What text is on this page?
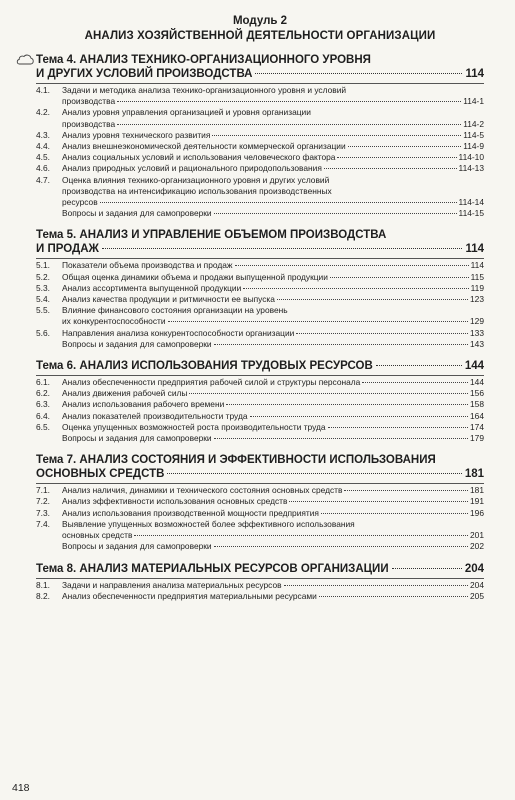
Модуль 2
АНАЛИЗ ХОЗЯЙСТВЕННОЙ ДЕЯТЕЛЬНОСТИ ОРГАНИЗАЦИИ
Тема 4. АНАЛИЗ ТЕХНИКО-ОРГАНИЗАЦИОННОГО УРОВНЯ
И ДРУГИХ УСЛОВИЙ ПРОИЗВОДСТВА	114
4.1.	Задачи и методика анализа технико-организационного уровня и условий
производства	114-1
4.2.	Анализ уровня управления организацией и уровня организации
производства	114-2
4.3.	Анализ уровня технического развития	114-5
4.4.	Анализ внешнеэкономической деятельности коммерческой организации	114-9
4.5.	Анализ социальных условий и использования человеческого фактора	114-10
4.6.	Анализ природных условий и рационального природопользования	114-13
4.7.	Оценка влияния технико-организационного уровня и других условий
производства на интенсификацию использования производственных
ресурсов	114-14
Вопросы и задания для самопроверки	114-15
Тема 5. АНАЛИЗ И УПРАВЛЕНИЕ ОБЪЕМОМ ПРОИЗВОДСТВА
И ПРОДАЖ	114
5.1.	Показатели объема производства и продаж	114
5.2.	Общая оценка динамики объема и продажи выпущенной продукции	115
5.3.	Анализ ассортимента выпущенной продукции	119
5.4.	Анализ качества продукции и ритмичности ее выпуска	123
5.5.	Влияние финансового состояния организации на уровень
их конкурентоспособности	129
5.6.	Направления анализа конкурентоспособности организации	133
Вопросы и задания для самопроверки	143
Тема 6. АНАЛИЗ ИСПОЛЬЗОВАНИЯ ТРУДОВЫХ РЕСУРСОВ	144
6.1.	Анализ обеспеченности предприятия рабочей силой и структуры персонала	144
6.2.	Анализ движения рабочей силы	156
6.3.	Анализ использования рабочего времени	158
6.4.	Анализ показателей производительности труда	164
6.5.	Оценка упущенных возможностей роста производительности труда	174
Вопросы и задания для самопроверки	179
Тема 7. АНАЛИЗ СОСТОЯНИЯ И ЭФФЕКТИВНОСТИ ИСПОЛЬЗОВАНИЯ
ОСНОВНЫХ СРЕДСТВ	181
7.1.	Анализ наличия, динамики и технического состояния основных средств	181
7.2.	Анализ эффективности использования основных средств	191
7.3.	Анализ использования производственной мощности предприятия	196
7.4.	Выявление упущенных возможностей более эффективного использования
основных средств	201
Вопросы и задания для самопроверки	202
Тема 8. АНАЛИЗ МАТЕРИАЛЬНЫХ РЕСУРСОВ ОРГАНИЗАЦИИ	204
8.1.	Задачи и направления анализа материальных ресурсов	204
8.2.	Анализ обеспеченности предприятия материальными ресурсами	205
418
